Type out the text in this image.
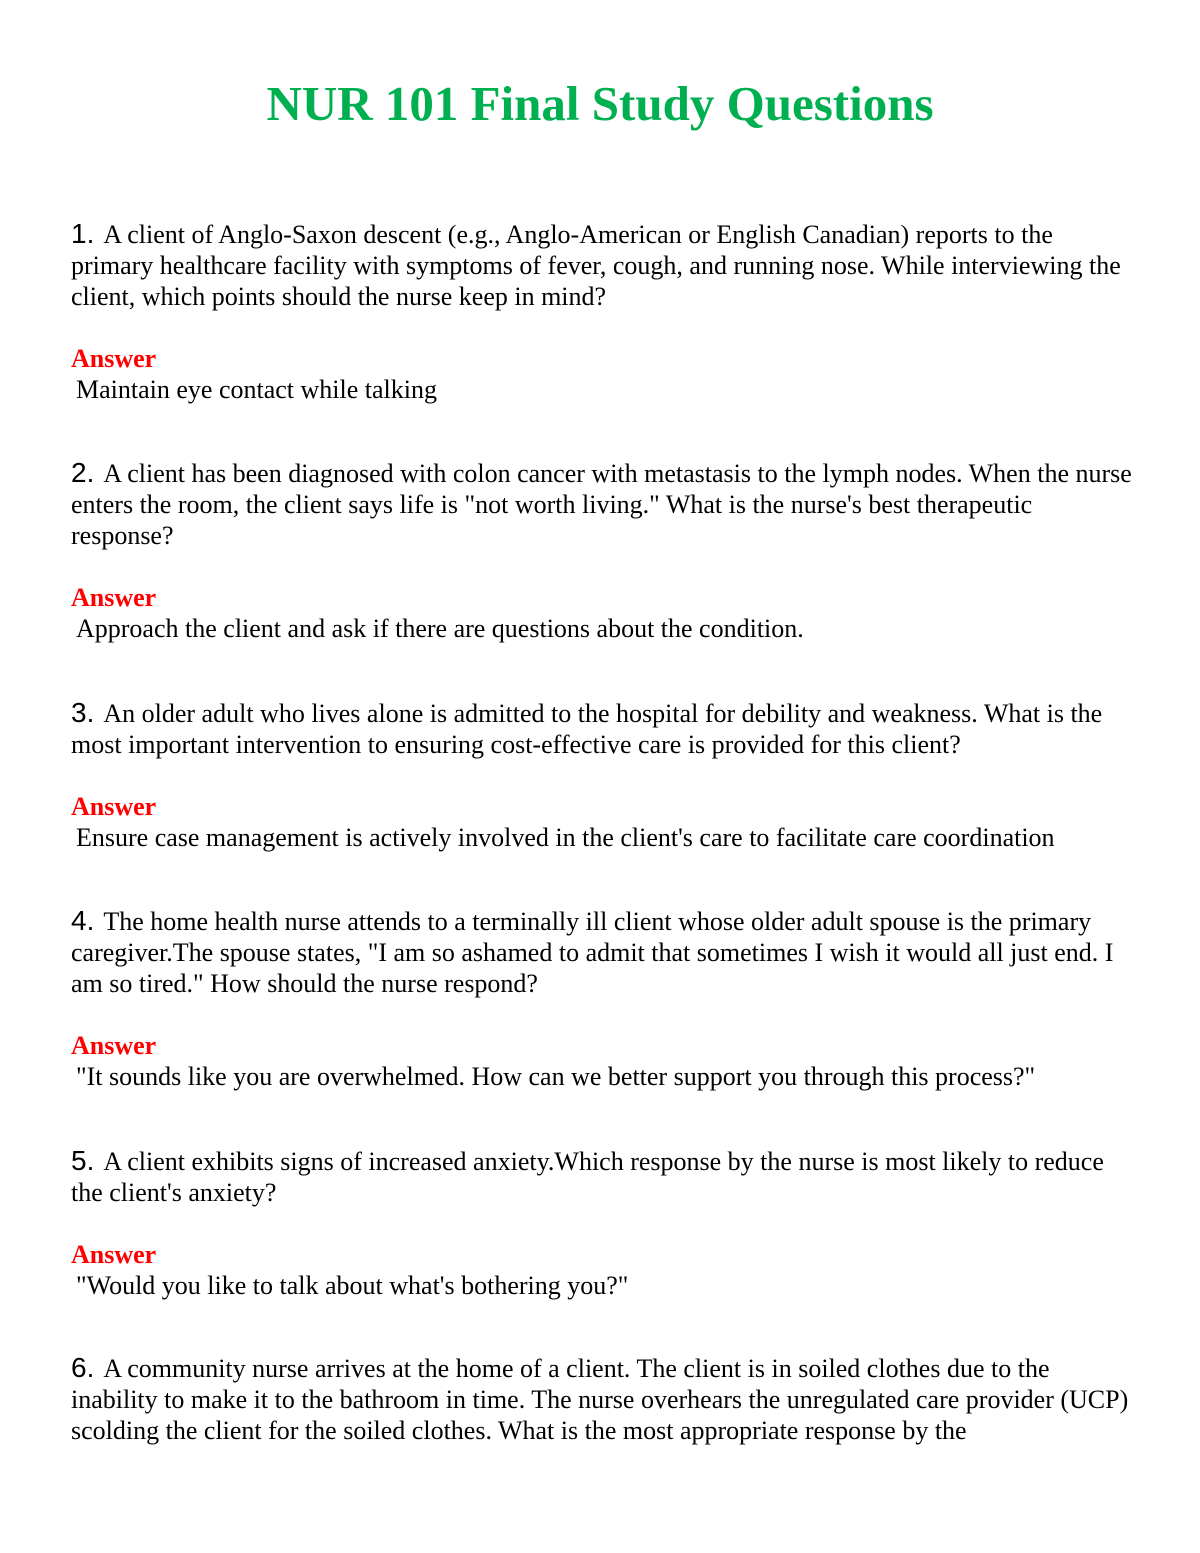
NUR 101 Final Study Questions

1. A client of Anglo-Saxon descent (e.g., Anglo-American or English Canadian) reports to the primary healthcare facility with symptoms of fever, cough, and running nose. While interviewing the client, which points should the nurse keep in mind?

Answer

Maintain eye contact while talking

2. A client has been diagnosed with colon cancer with metastasis to the lymph nodes. When the nurse enters the room, the client says life is "not worth living." What is the nurse's best therapeutic response?

Answer

Approach the client and ask if there are questions about the condition.

3. An older adult who lives alone is admitted to the hospital for debility and weakness. What is the most important intervention to ensuring cost-effective care is provided for this client?

Answer

Ensure case management is actively involved in the client's care to facilitate care coordination

4. The home health nurse attends to a terminally ill client whose older adult spouse is the primary caregiver.The spouse states, "I am so ashamed to admit that sometimes I wish it would all just end. I am so tired." How should the nurse respond?

Answer

"It sounds like you are overwhelmed. How can we better support you through this process?"

5. A client exhibits signs of increased anxiety.Which response by the nurse is most likely to reduce the client's anxiety?

Answer

"Would you like to talk about what's bothering you?"

6. A community nurse arrives at the home of a client. The client is in soiled clothes due to the inability to make it to the bathroom in time. The nurse overhears the unregulated care provider (UCP) scolding the client for the soiled clothes. What is the most appropriate response by the
